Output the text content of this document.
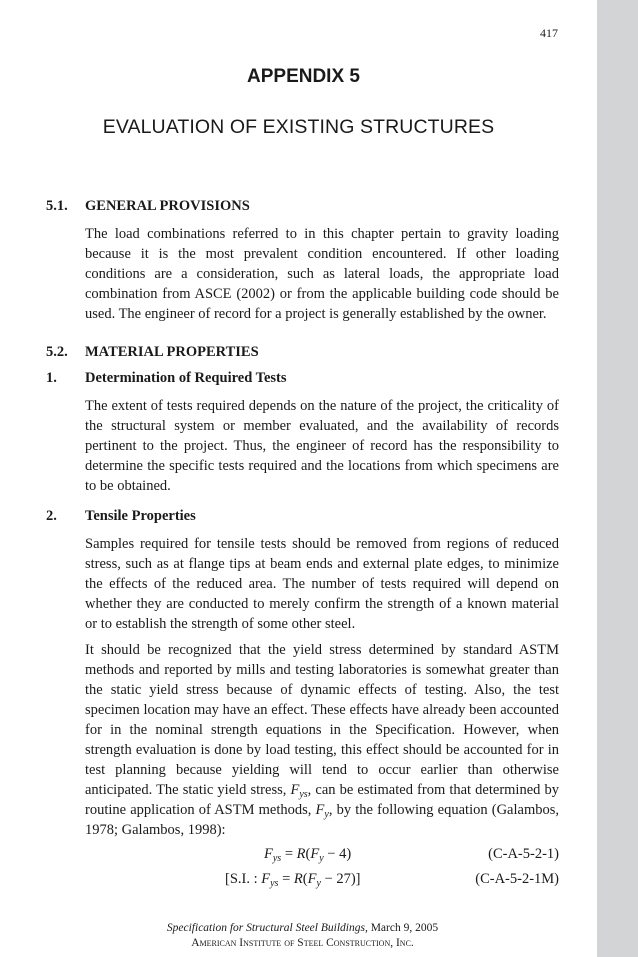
417
APPENDIX 5
EVALUATION OF EXISTING STRUCTURES
5.1. GENERAL PROVISIONS

The load combinations referred to in this chapter pertain to gravity loading because it is the most prevalent condition encountered. If other loading conditions are a consideration, such as lateral loads, the appropriate load combination from ASCE (2002) or from the applicable building code should be used. The engineer of record for a project is generally established by the owner.

5.2. MATERIAL PROPERTIES
1. Determination of Required Tests

The extent of tests required depends on the nature of the project, the criticality of the structural system or member evaluated, and the availability of records pertinent to the project. Thus, the engineer of record has the responsibility to determine the specific tests required and the locations from which specimens are to be obtained.

2. Tensile Properties

Samples required for tensile tests should be removed from regions of reduced stress, such as at flange tips at beam ends and external plate edges, to minimize the effects of the reduced area. The number of tests required will depend on whether they are conducted to merely confirm the strength of a known material or to establish the strength of some other steel.

It should be recognized that the yield stress determined by standard ASTM methods and reported by mills and testing laboratories is somewhat greater than the static yield stress because of dynamic effects of testing. Also, the test specimen location may have an effect. These effects have already been accounted for in the nominal strength equations in the Specification. However, when strength evaluation is done by load testing, this effect should be accounted for in test planning because yielding will tend to occur earlier than otherwise anticipated. The static yield stress, $F_{ys}$, can be estimated from that determined by routine application of ASTM methods, $F_y$, by the following equation (Galambos, 1978; Galambos, 1998):

$F_{ys} = R(F_y - 4)$	(C-A-5-2-1)
[S.I. : $F_{ys} = R(F_y - 27)$]	(C-A-5-2-1M)
Specification for Structural Steel Buildings, March 9, 2005
American Institute of Steel Construction, Inc.
